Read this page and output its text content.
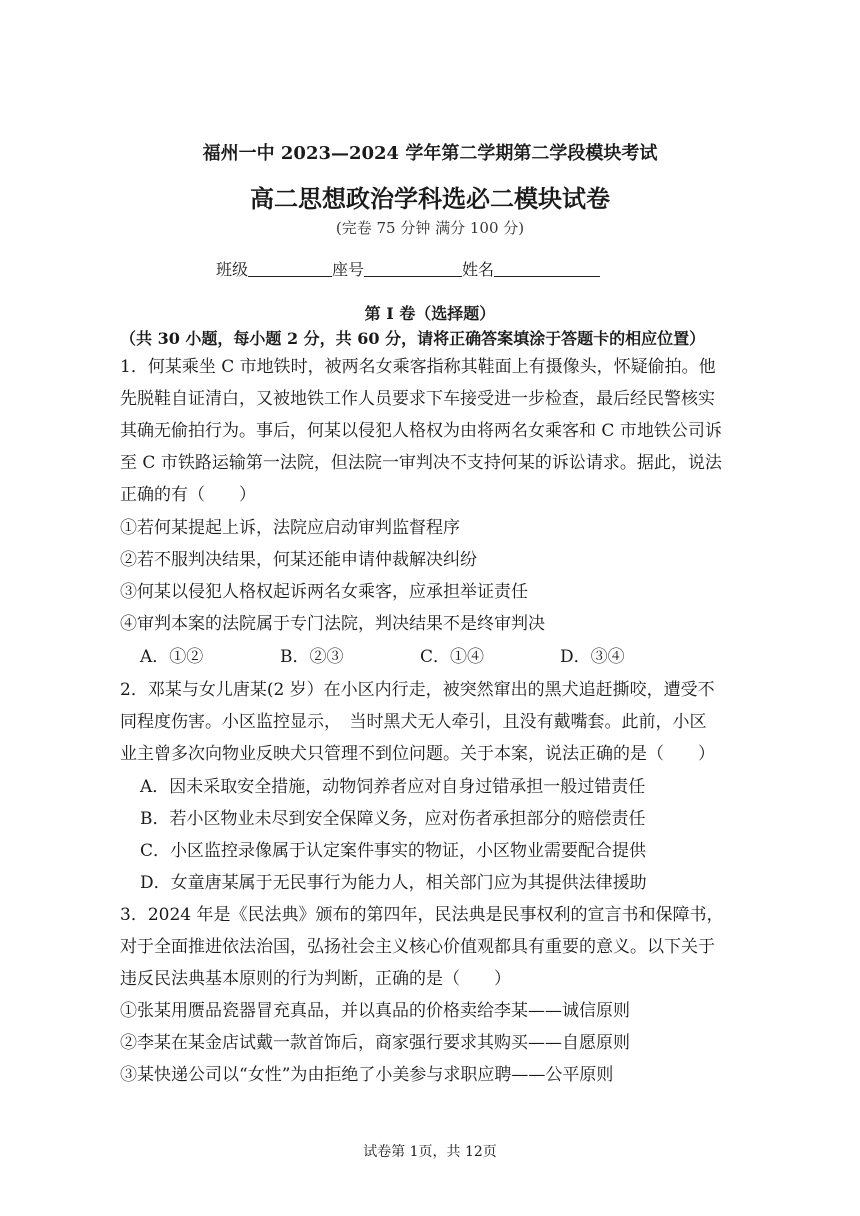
福州一中 2023—2024 学年第二学期第二学段模块考试
高二思想政治学科选必二模块试卷
(完卷 75 分钟 满分 100 分)
班级	座号	姓名
第 I 卷（选择题）
（共 30 小题，每小题 2 分，共 60 分，请将正确答案填涂于答题卡的相应位置）
1．何某乘坐 C 市地铁时，被两名女乘客指称其鞋面上有摄像头，怀疑偷拍。他
先脱鞋自证清白，又被地铁工作人员要求下车接受进一步检查，最后经民警核实
其确无偷拍行为。事后，何某以侵犯人格权为由将两名女乘客和 C 市地铁公司诉
至 C 市铁路运输第一法院，但法院一审判决不支持何某的诉讼请求。据此，说法
正确的有（　　）
①若何某提起上诉，法院应启动审判监督程序
②若不服判决结果，何某还能申请仲裁解决纠纷
③何某以侵犯人格权起诉两名女乘客，应承担举证责任
④审判本案的法院属于专门法院，判决结果不是终审判决
A．①②	B．②③	C．①④	D．③④
2．邓某与女儿唐某(2 岁）在小区内行走，被突然窜出的黑犬追赶撕咬，遭受不
同程度伤害。小区监控显示，　当时黑犬无人牵引，且没有戴嘴套。此前，小区
业主曾多次向物业反映犬只管理不到位问题。关于本案，说法正确的是（　　）
A．因未采取安全措施，动物饲养者应对自身过错承担一般过错责任
B．若小区物业未尽到安全保障义务，应对伤者承担部分的赔偿责任
C．小区监控录像属于认定案件事实的物证，小区物业需要配合提供
D．女童唐某属于无民事行为能力人，相关部门应为其提供法律援助
3．2024 年是《民法典》颁布的第四年，民法典是民事权利的宣言书和保障书，
对于全面推进依法治国，弘扬社会主义核心价值观都具有重要的意义。以下关于
违反民法典基本原则的行为判断，正确的是（　　）
①张某用赝品瓷器冒充真品，并以真品的价格卖给李某——诚信原则
②李某在某金店试戴一款首饰后，商家强行要求其购买——自愿原则
③某快递公司以“女性”为由拒绝了小美参与求职应聘——公平原则
试卷第 1页，共 12页
